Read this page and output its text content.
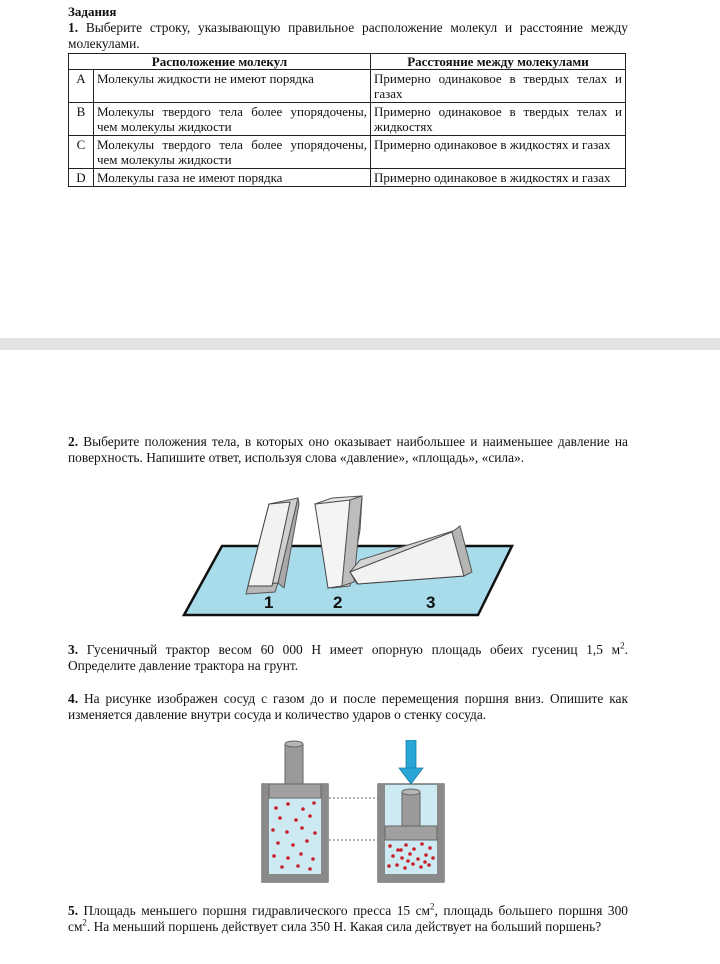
Задания
1. Выберите строку, указывающую правильное расположение молекул и расстояние между молекулами.
Расположение молекул		Расстояние между молекулами
A	Молекулы жидкости не имеют порядка	Примерно одинаковое в твердых телах и газах
B	Молекулы твердого тела более упорядочены, чем молекулы жидкости	Примерно одинаковое в твердых телах и жидкостях
C	Молекулы твердого тела более упорядочены, чем молекулы жидкости	Примерно одинаковое в жидкостях и газах
D	Молекулы газа не имеют порядка	Примерно одинаковое в жидкостях и газах
2. Выберите положения тела, в которых оно оказывает наибольшее и наименьшее давление на поверхность. Напишите ответ, используя слова «давление», «площадь», «сила».
1	2	3
3. Гусеничный трактор весом 60 000 Н имеет опорную площадь обеих гусениц 1,5 $м^2$. Определите давление трактора на грунт.
4. На рисунке изображен сосуд с газом до и после перемещения поршня вниз. Опишите как изменяется давление внутри сосуда и количество ударов о стенку сосуда.
5. Площадь меньшего поршня гидравлического пресса 15 $см^2$, площадь большего поршня 300 $см^2$. На меньший поршень действует сила 350 Н. Какая сила действует на больший поршень?
